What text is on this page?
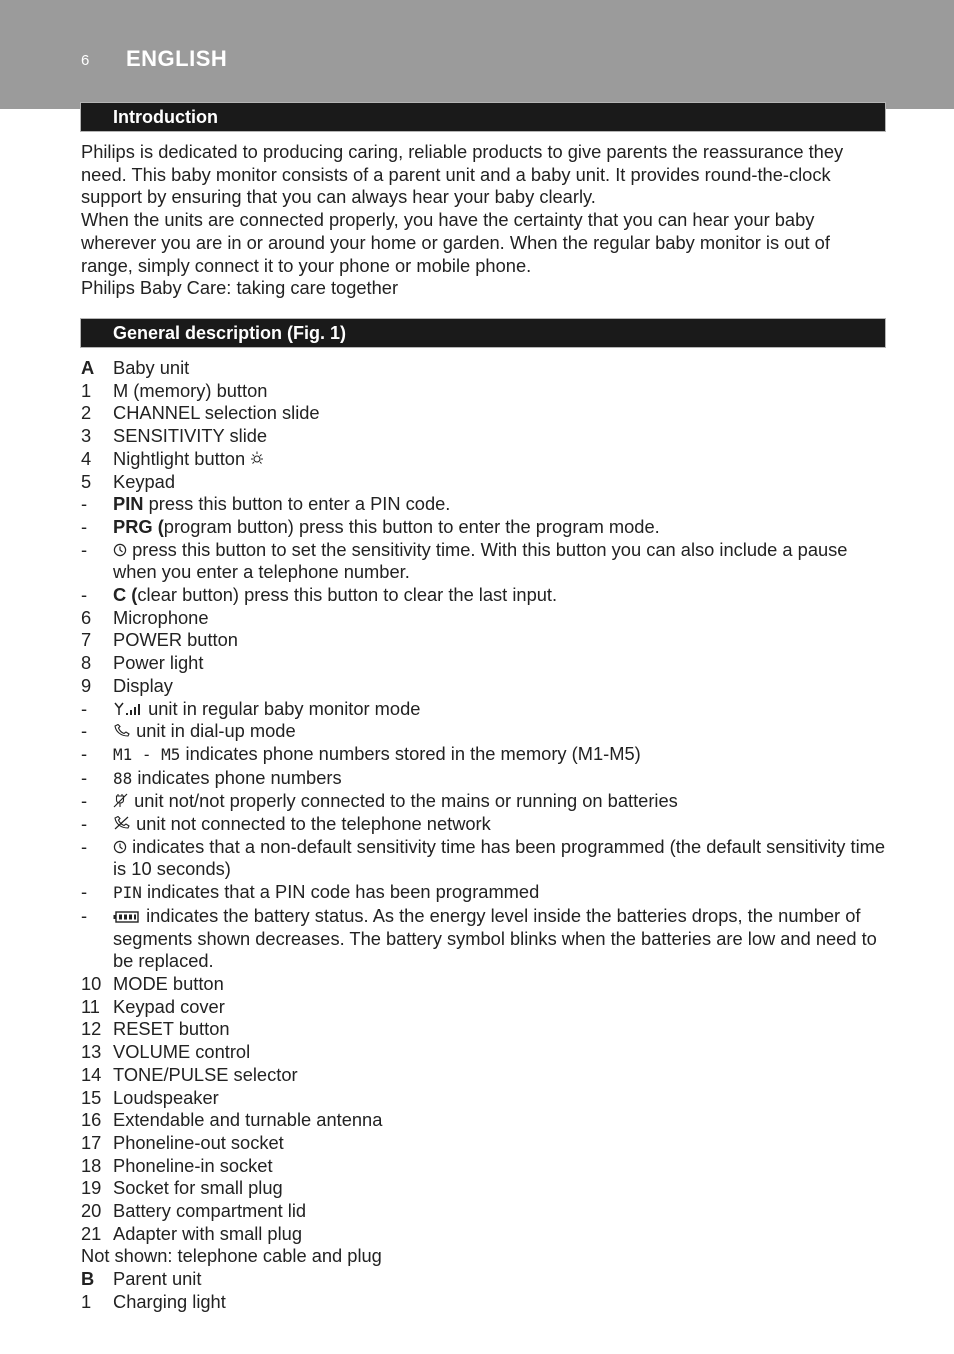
6 ENGLISH
Introduction

Philips is dedicated to producing caring, reliable products to give parents the reassurance they need. This baby monitor consists of a parent unit and a baby unit. It provides round-the-clock support by ensuring that you can always hear your baby clearly.

When the units are connected properly, you have the certainty that you can hear your baby wherever you are in or around your home or garden. When the regular baby monitor is out of range, simply connect it to your phone or mobile phone.

Philips Baby Care: taking care together

General description (Fig. 1)
A	Baby unit
1	M (memory) button
2	CHANNEL selection slide
3	SENSITIVITY slide
4	Nightlight button
5	Keypad
-	PIN press this button to enter a PIN code.
-	PRG (program button) press this button to enter the program mode.
-	press this button to set the sensitivity time. With this button you can also include a pause when you enter a telephone number.
-	C (clear button) press this button to clear the last input.
6	Microphone
7	POWER button
8	Power light
9	Display
-	unit in regular baby monitor mode
-	unit in dial-up mode
-	M1 - M5 indicates phone numbers stored in the memory (M1-M5)
-	88 indicates phone numbers
-	unit not/not properly connected to the mains or running on batteries
-	unit not connected to the telephone network
-	indicates that a non-default sensitivity time has been programmed (the default sensitivity time is 10 seconds)
-	PIN indicates that a PIN code has been programmed
-	indicates the battery status. As the energy level inside the batteries drops, the number of segments shown decreases. The battery symbol blinks when the batteries are low and need to be replaced.
10 MODE button
11 Keypad cover
12 RESET button
13 VOLUME control
14 TONE/PULSE selector
15 Loudspeaker
16 Extendable and turnable antenna
17 Phoneline-out socket
18 Phoneline-in socket
19 Socket for small plug
20 Battery compartment lid
21 Adapter with small plug
Not shown: telephone cable and plug
B	Parent unit
1	Charging light
